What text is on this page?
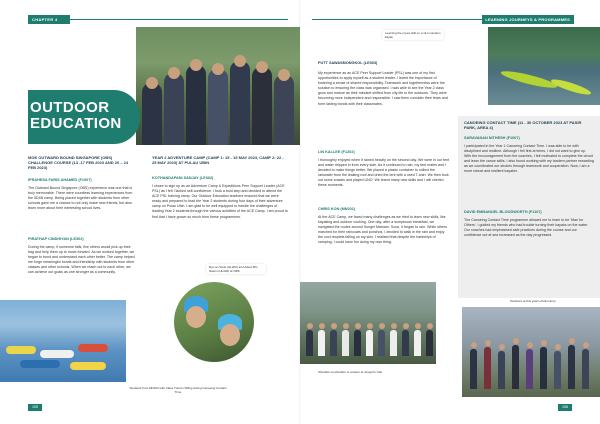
CHAPTER 4	LEARNING JOURNEYS & PROGRAMMES
OUTDOOR
EDUCATION
MOE OUTWARD BOUND SINGAPORE (OBS) CHALLENGE COURSE (13 -17 FEB 2023 AND 20 – 24 FEB 2023)
IPRAHESA FARIS AHAMED (F1007)
The Outward Bound Singapore (OBS) experience was one that is truly memorable. There were countless learning experiences from the 5D4N camp. Being placed together with students from other schools gave me a chance to not only make new friends, but also learn more about their interesting school lives.
PIRATHAP CINDHIYAN (LE302)
During the camp, if someone falls, five others would pick up their bag and help them up to move forward. As we worked together, we began to bond and understand each other better. The camp helped me forge meaningful bonds and friendship with students from other classes and other schools. When we reach out to each other, we can achieve our goals as one stronger as a community.
YEAR 2 ADVENTURE CAMP (CAMP 1: 15 - 19 MAY 2023, CAMP 2: 22 - 25 MAY 2023) AT PULAU UBIN
KOTHANDAPANI SANJAY (LE302)
I chose to sign up as an Adventure Camp & Expeditions Peer Support Leader (ACE PSL) as I felt I lacked self-confidence. I took a bold step and decided to attend the ACE PSL training camp. Our Outdoor Education teachers ensured that we were ready and prepared to lead the Year 2 students during four days of their adventure camp on Pulau Ubin. I am glad to be well equipped to handle the challenges of leading Year 2 students through the various activities of the ACE Camp. I am proud to find that I have grown so much from these programmes.
Students from MN103 with Class Tutors chilling during Canoeing Contact Time
Ryu an Sook (HL202) and Adam Bin Nasim (HL302) at OBS
Learning the ropes skill on a sit-in tandem kayak
PUTT SAWASMONGKOL (LE303)
My experience as an ACE Peer Support Leader (PSL) was one of my first opportunities to apply myself as a student leader. I learnt the importance of fostering a sense of shared responsibility. Teamwork and togetherness were the solution to ensuring the class was organised. I was able to see the Year 2 class grow and mature as their mindset shifted from city life to the outdoors. They were becoming more independent and responsible. I saw them consider their fears and form lasting bonds with their classmates.
LIN KAI-LEE (F1202)
I thoroughly enjoyed when it rained heavily on the second day. We were in our tent and water dripped in from every side. As it continued to rain, my tent mates and I decided to make things better. We placed a plastic container to collect the rainwater from the leaking roof and dried the tent with a used T-shirt. We then took out some snacks and played UNO. We learnt many new skills and I will cherish these moments.
CHRIS KON (MN201)
At the ACE Camp, we faced many challenges as we tried to learn new skills, like kayaking and outdoor cooking. One day, after a sumptuous breakfast, we navigated the routes around Sungei Mamam. Soon, it began to rain. While others marched for their raincoats and ponchos, I decided to walk in the rain and enjoy the cool droplets falling on my skin. I realised that despite the hardships of camping, I could have fun doing my own thing.
CANOEING CONTACT TIME (11 - 30 OCTOBER 2023 AT PASIR PARK, AREA 4)
SARAVANAN NITHESH (F1007)
I participated in the Year 1 Canoeing Contact Time. I was able to be with disciplined and resilient. Although I fell first at times, I did not want to give up. With the encouragement from the coaches, I felt motivated to complete the circuit and learn the canoe skills. I also found working with my tandem partner rewarding as we coordinated our strokes through teamwork and cooperation. Now, I am a more robust and resilient kayaker.
DAVID EMMANUEL BLOODWORTH (F1107)
The Canoeing Contact Time programme allowed me to learn to be 'Man for Others'. I guided my friends who had trouble turning their kayaks on the water. Our coaches had emphasised safe practices during the course and our confidence out at sea increased as the day progressed.
Shoulder-to-shoulder to answer at Joseph's Call
Teachers at this year's ACE Camp
105	106
